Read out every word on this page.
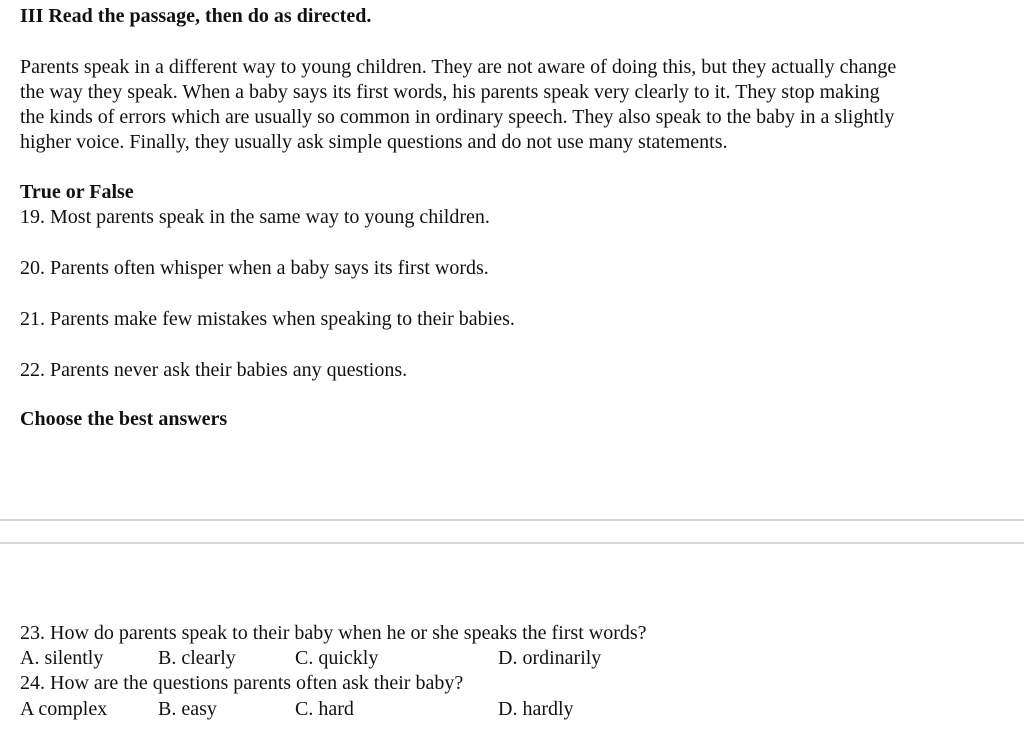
III Read the passage, then do as directed.
Parents speak in a different way to young children. They are not aware of doing this, but they actually change
the way they speak. When a baby says its first words, his parents speak very clearly to it. They stop making
the kinds of errors which are usually so common in ordinary speech. They also speak to the baby in a slightly
higher voice. Finally, they usually ask simple questions and do not use many statements.
True or False
19. Most parents speak in the same way to young children.
20. Parents often whisper when a baby says its first words.
21. Parents make few mistakes when speaking to their babies.
22. Parents never ask their babies any questions.
Choose the best answers
23. How do parents speak to their baby when he or she speaks the first words?
A. silently	B. clearly	C. quickly	D. ordinarily
24. How are the questions parents often ask their baby?
A complex	B. easy	C. hard	D. hardly
